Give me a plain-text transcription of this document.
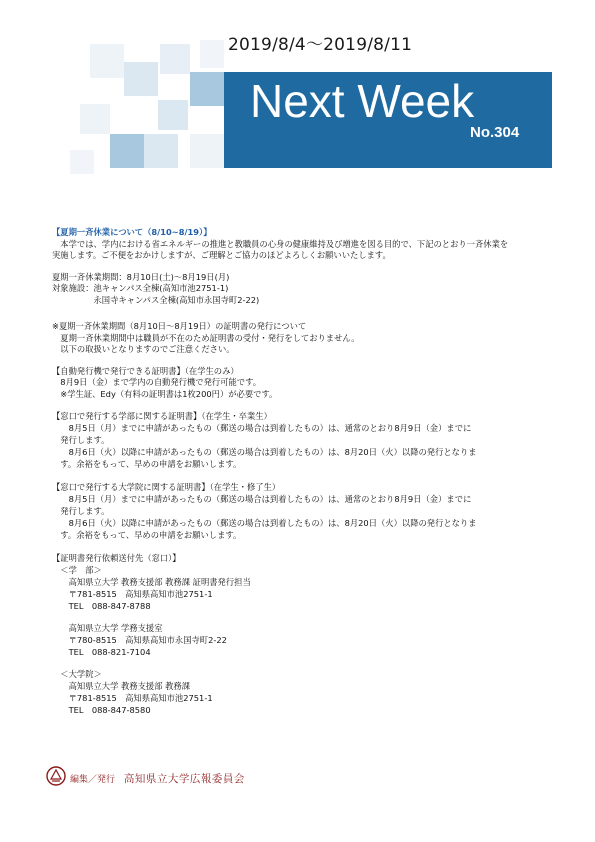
2019/8/4～2019/8/11
Next Week
No.304
【夏期一斉休業について（8/10~8/19）】
　本学では、学内における省エネルギーの推進と教職員の心身の健康維持及び増進を図る目的で、下記のとおり一斉休業を
実施します。ご不便をおかけしますが、ご理解とご協力のほどよろしくお願いいたします。
夏期一斉休業期間：8月10日(土)～8月19日(月)
対象施設：池キャンパス全棟(高知市池2751-1)
　　　　　永国寺キャンパス全棟(高知市永国寺町2-22)
※夏期一斉休業期間（8月10日～8月19日）の証明書の発行について
　夏期一斉休業期間中は職員が不在のため証明書の受付・発行をしておりません。
　以下の取扱いとなりますのでご注意ください。
【自動発行機で発行できる証明書】（在学生のみ）
　8月9日（金）まで学内の自動発行機で発行可能です。
　※学生証、Edy（有料の証明書は1枚200円）が必要です。
【窓口で発行する学部に関する証明書】（在学生・卒業生）
　　8月5日（月）までに申請があったもの（郵送の場合は到着したもの）は、通常のとおり8月9日（金）までに
　発行します。
　　8月6日（火）以降に申請があったもの（郵送の場合は到着したもの）は、8月20日（火）以降の発行となりま
　す。余裕をもって、早めの申請をお願いします。
【窓口で発行する大学院に関する証明書】（在学生・修了生）
　　8月5日（月）までに申請があったもの（郵送の場合は到着したもの）は、通常のとおり8月9日（金）までに
　発行します。
　　8月6日（火）以降に申請があったもの（郵送の場合は到着したもの）は、8月20日（火）以降の発行となりま
　す。余裕をもって、早めの申請をお願いします。
【証明書発行依頼送付先（窓口）】
　＜学　部＞
　　高知県立大学 教務支援部 教務課 証明書発行担当
　　〒781-8515　高知県高知市池2751-1
　　TEL　088-847-8788
　　高知県立大学 学務支援室
　　〒780-8515　高知県高知市永国寺町2-22
　　TEL　088-821-7104
　＜大学院＞
　　高知県立大学 教務支援部 教務課
　　〒781-8515　高知県高知市池2751-1
　　TEL　088-847-8580
編集／発行 高知県立大学広報委員会
